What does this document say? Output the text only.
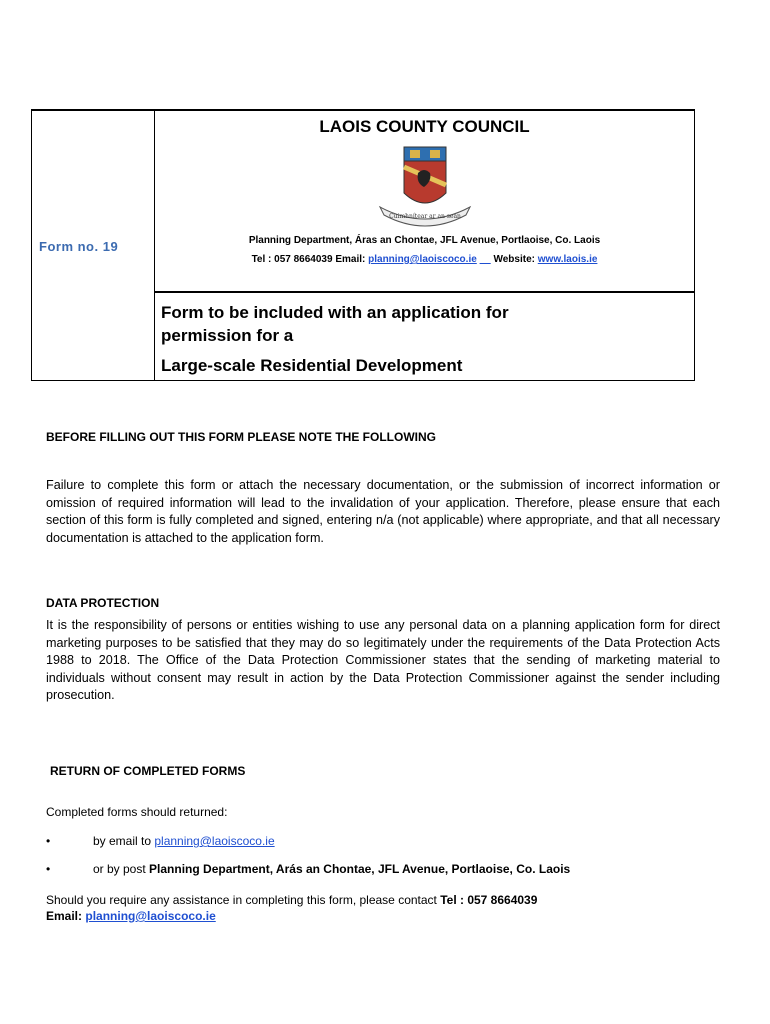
Form no. 19
LAOIS COUNTY COUNCIL
Cuimhnítear ar an sean
Planning Department, Áras an Chontae, JFL Avenue, Portlaoise, Co. Laois
Tel : 057 8664039 Email: planning@laoiscoco.ie Website: www.laois.ie
Form to be included with an application for
permission for a
Large-scale Residential Development
BEFORE FILLING OUT THIS FORM PLEASE NOTE THE FOLLOWING
Failure to complete this form or attach the necessary documentation, or the submission of incorrect information or omission of required information will lead to the invalidation of your application. Therefore, please ensure that each section of this form is fully completed and signed, entering n/a (not applicable) where appropriate, and that all necessary documentation is attached to the application form.
DATA PROTECTION
It is the responsibility of persons or entities wishing to use any personal data on a planning application form for direct marketing purposes to be satisfied that they may do so legitimately under the requirements of the Data Protection Acts 1988 to 2018. The Office of the Data Protection Commissioner states that the sending of marketing material to individuals without consent may result in action by the Data Protection Commissioner against the sender including prosecution.
RETURN OF COMPLETED FORMS
Completed forms should returned:
•	by email to planning@laoiscoco.ie
•	or by post Planning Department, Arás an Chontae, JFL Avenue, Portlaoise, Co. Laois
Should you require any assistance in completing this form, please contact Tel : 057 8664039
Email: planning@laoiscoco.ie
